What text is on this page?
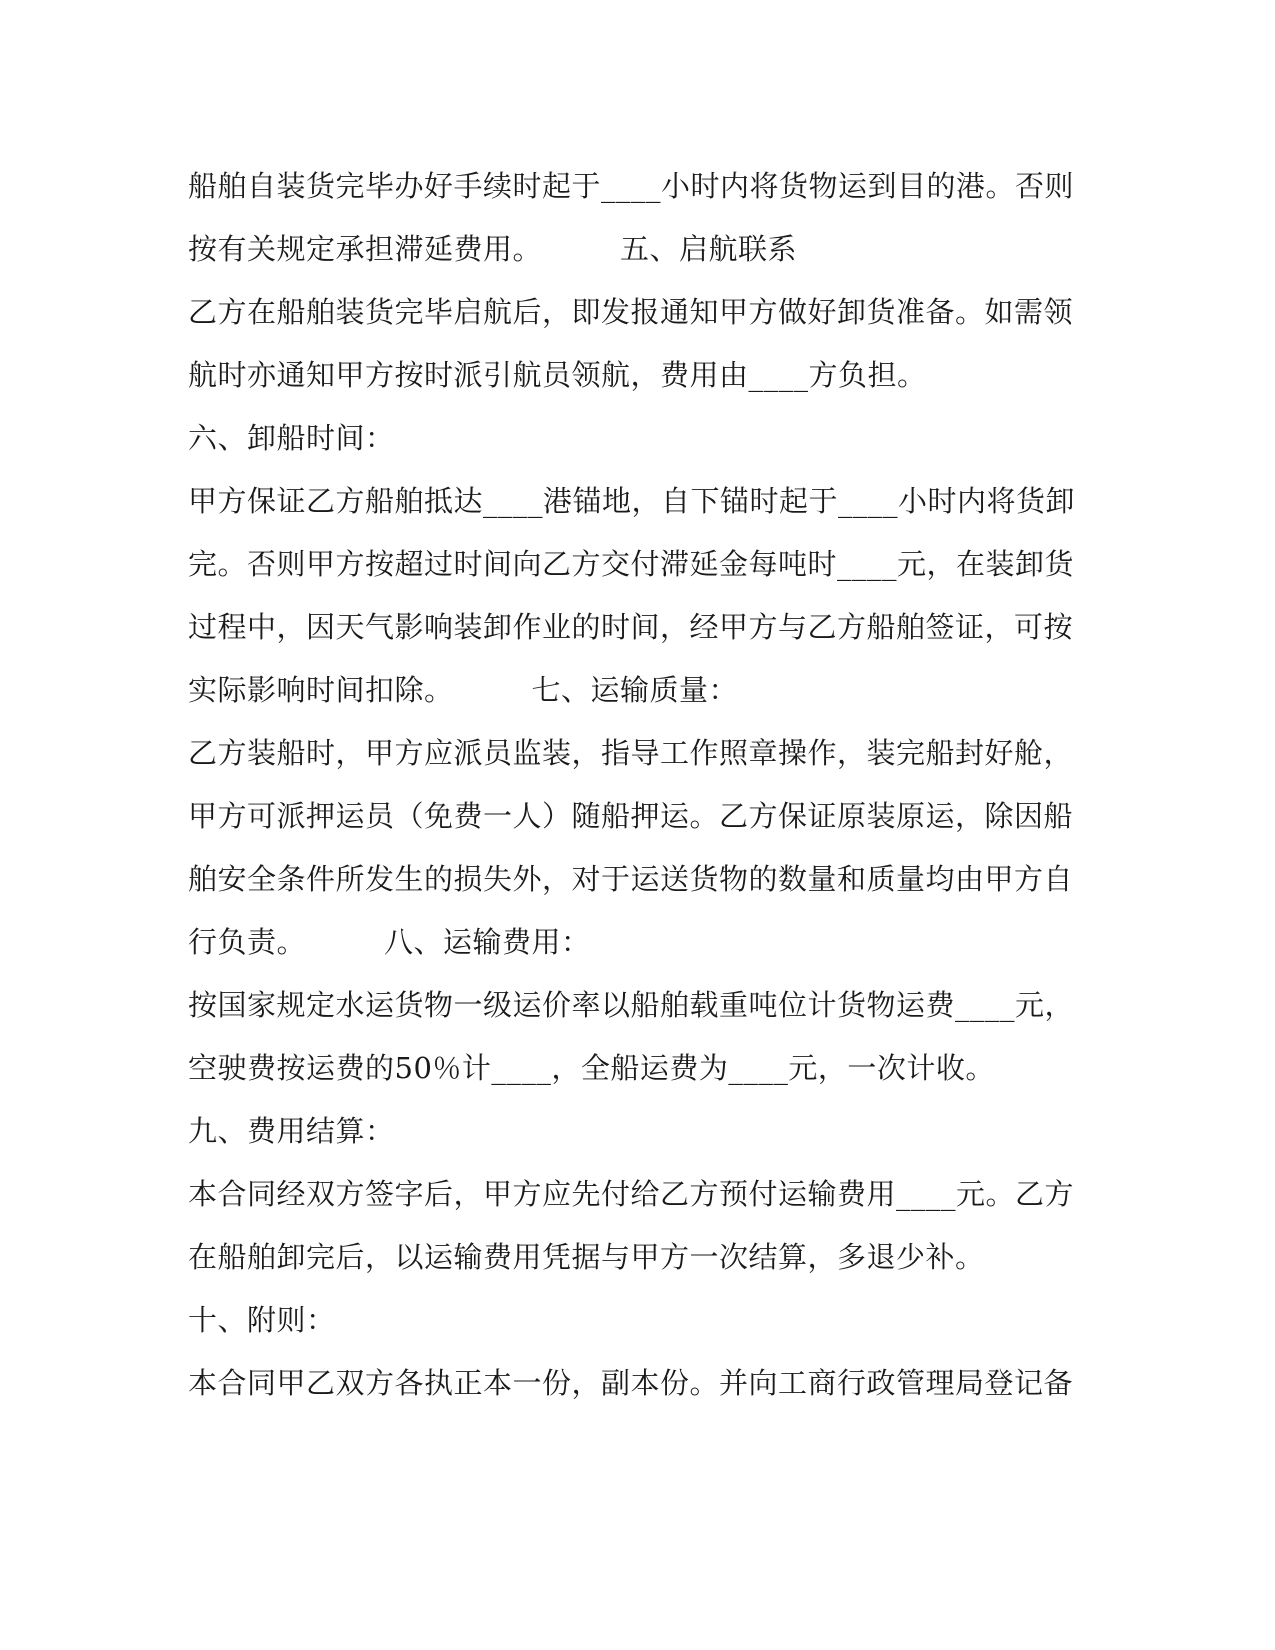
船舶自装货完毕办好手续时起于____小时内将货物运到目的港。否则
按有关规定承担滞延费用。	五、启航联系
乙方在船舶装货完毕启航后，即发报通知甲方做好卸货准备。如需领
航时亦通知甲方按时派引航员领航，费用由____方负担。
六、卸船时间：
甲方保证乙方船舶抵达____港锚地，自下锚时起于____小时内将货卸
完。否则甲方按超过时间向乙方交付滞延金每吨时____元，在装卸货
过程中，因天气影响装卸作业的时间，经甲方与乙方船舶签证，可按
实际影响时间扣除。	七、运输质量：
乙方装船时，甲方应派员监装，指导工作照章操作，装完船封好舱，
甲方可派押运员（免费一人）随船押运。乙方保证原装原运，除因船
舶安全条件所发生的损失外，对于运送货物的数量和质量均由甲方自
行负责。	八、运输费用：
按国家规定水运货物一级运价率以船舶载重吨位计货物运费____元，
空驶费按运费的50％计____，全船运费为____元，一次计收。
九、费用结算：
本合同经双方签字后，甲方应先付给乙方预付运输费用____元。乙方
在船舶卸完后，以运输费用凭据与甲方一次结算，多退少补。
十、附则：
本合同甲乙双方各执正本一份，副本份。并向工商行政管理局登记备
